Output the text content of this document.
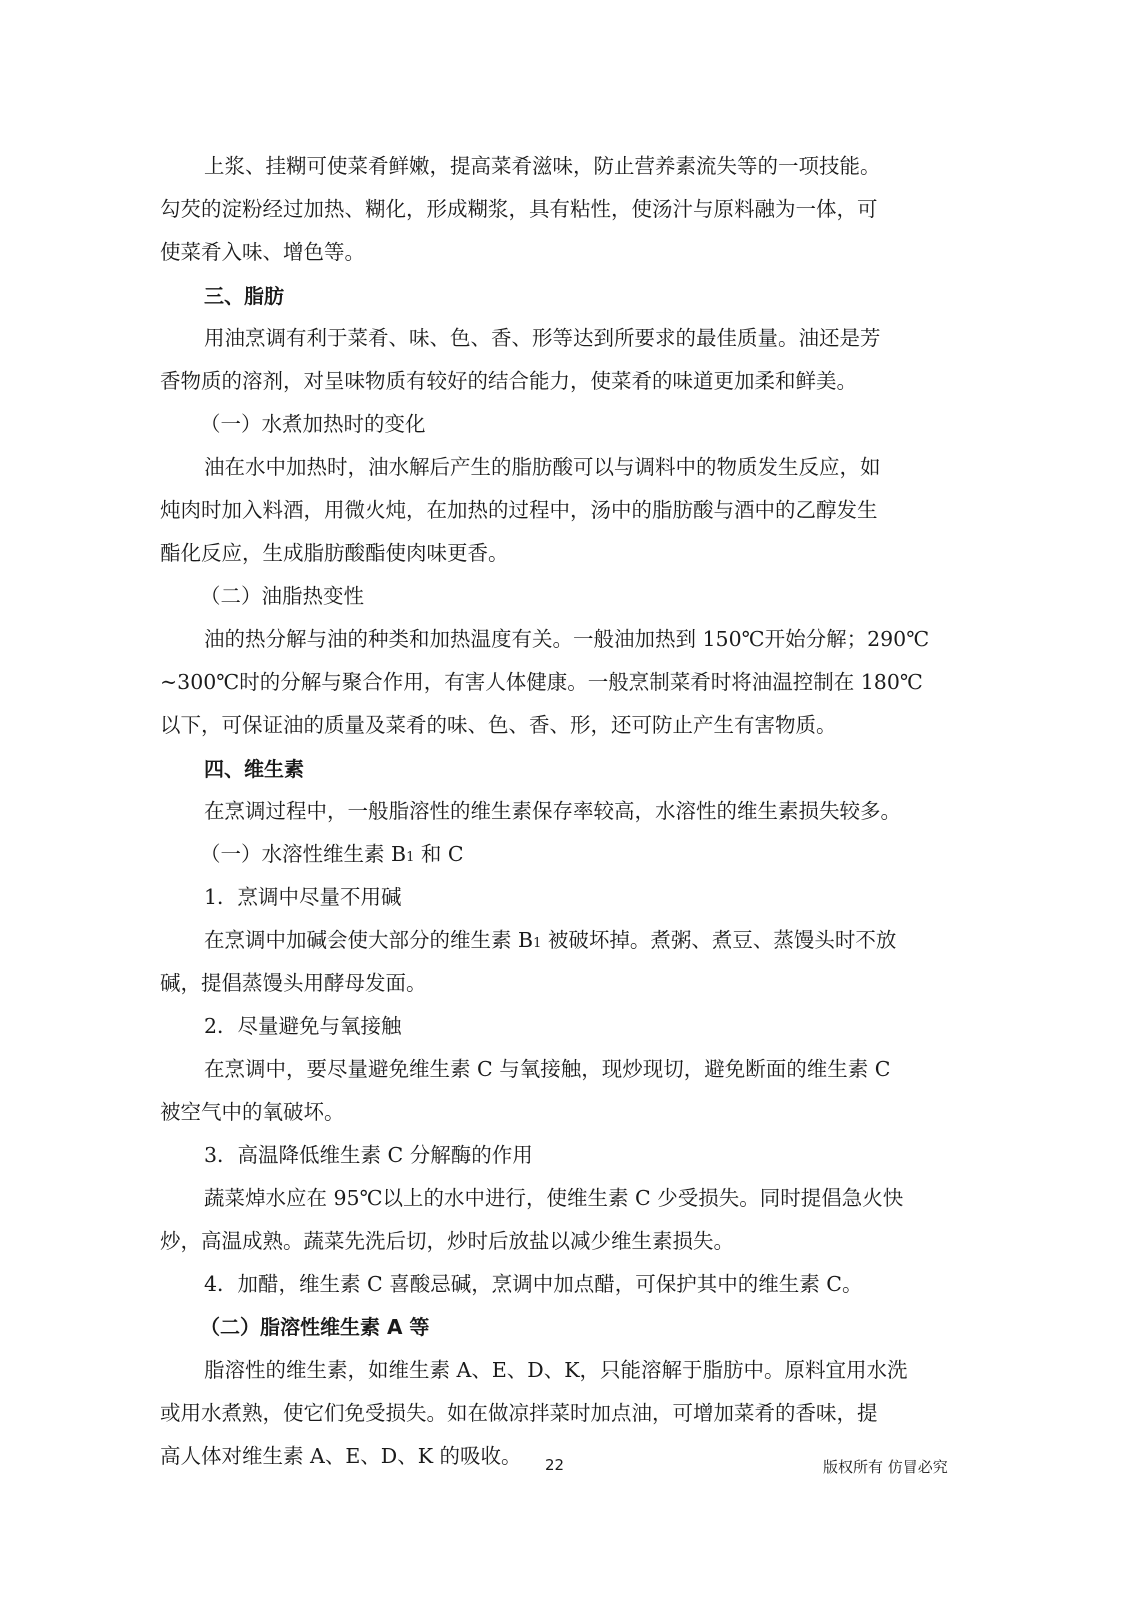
上浆、挂糊可使菜肴鲜嫩，提高菜肴滋味，防止营养素流失等的一项技能。
勾芡的淀粉经过加热、糊化，形成糊浆，具有粘性，使汤汁与原料融为一体，可
使菜肴入味、增色等。
三、脂肪
用油烹调有利于菜肴、味、色、香、形等达到所要求的最佳质量。油还是芳
香物质的溶剂，对呈味物质有较好的结合能力，使菜肴的味道更加柔和鲜美。
（一）水煮加热时的变化
油在水中加热时，油水解后产生的脂肪酸可以与调料中的物质发生反应，如
炖肉时加入料酒，用微火炖，在加热的过程中，汤中的脂肪酸与酒中的乙醇发生
酯化反应，生成脂肪酸酯使肉味更香。
（二）油脂热变性
油的热分解与油的种类和加热温度有关。一般油加热到 150℃开始分解；290℃
~300℃时的分解与聚合作用，有害人体健康。一般烹制菜肴时将油温控制在 180℃
以下，可保证油的质量及菜肴的味、色、香、形，还可防止产生有害物质。
四、维生素
在烹调过程中，一般脂溶性的维生素保存率较高，水溶性的维生素损失较多。
（一）水溶性维生素 B1 和 C
1．烹调中尽量不用碱
在烹调中加碱会使大部分的维生素 B1 被破坏掉。煮粥、煮豆、蒸馒头时不放
碱，提倡蒸馒头用酵母发面。
2．尽量避免与氧接触
在烹调中，要尽量避免维生素 C 与氧接触，现炒现切，避免断面的维生素 C
被空气中的氧破坏。
3．高温降低维生素 C 分解酶的作用
蔬菜焯水应在 95℃以上的水中进行，使维生素 C 少受损失。同时提倡急火快
炒，高温成熟。蔬菜先洗后切，炒时后放盐以减少维生素损失。
4．加醋，维生素 C 喜酸忌碱，烹调中加点醋，可保护其中的维生素 C。
（二）脂溶性维生素 A 等
脂溶性的维生素，如维生素 A、E、D、K，只能溶解于脂肪中。原料宜用水洗
或用水煮熟，使它们免受损失。如在做凉拌菜时加点油，可增加菜肴的香味，提
高人体对维生素 A、E、D、K 的吸收。 22	版权所有 仿冒必究
